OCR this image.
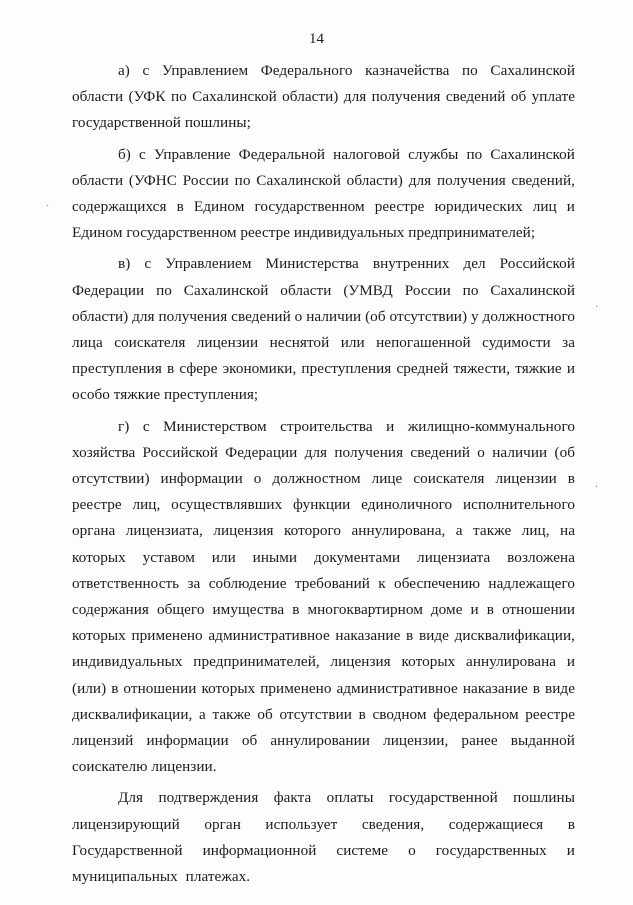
14

а) с Управлением Федерального казначейства по Сахалинской области (УФК по Сахалинской области) для получения сведений об уплате государственной пошлины;

б) с Управление Федеральной налоговой службы по Сахалинской области (УФНС России по Сахалинской области) для получения сведений, содержащихся в Едином государственном реестре юридических лиц и Едином государственном реестре индивидуальных предпринимателей;

в) с Управлением Министерства внутренних дел Российской Федерации по Сахалинской области (УМВД России по Сахалинской области) для получения сведений о наличии (об отсутствии) у должностного лица соискателя лицензии неснятой или непогашенной судимости за преступления в сфере экономики, преступления средней тяжести, тяжкие и особо тяжкие преступления;

г) с Министерством строительства и жилищно-коммунального хозяйства Российской Федерации для получения сведений о наличии (об отсутствии) информации о должностном лице соискателя лицензии в реестре лиц, осуществлявших функции единоличного исполнительного органа лицензиата, лицензия которого аннулирована, а также лиц, на которых уставом или иными документами лицензиата возложена ответственность за соблюдение требований к обеспечению надлежащего содержания общего имущества в многоквартирном доме и в отношении которых применено административное наказание в виде дисквалификации, индивидуальных предпринимателей, лицензия которых аннулирована и (или) в отношении которых применено административное наказание в виде дисквалификации, а также об отсутствии в сводном федеральном реестре лицензий информации об аннулировании лицензии, ранее выданной соискателю лицензии.

Для подтверждения факта оплаты государственной пошлины лицензирующий орган использует сведения, содержащиеся в Государственной информационной системе о государственных и муниципальных платежах.

·
·
·
